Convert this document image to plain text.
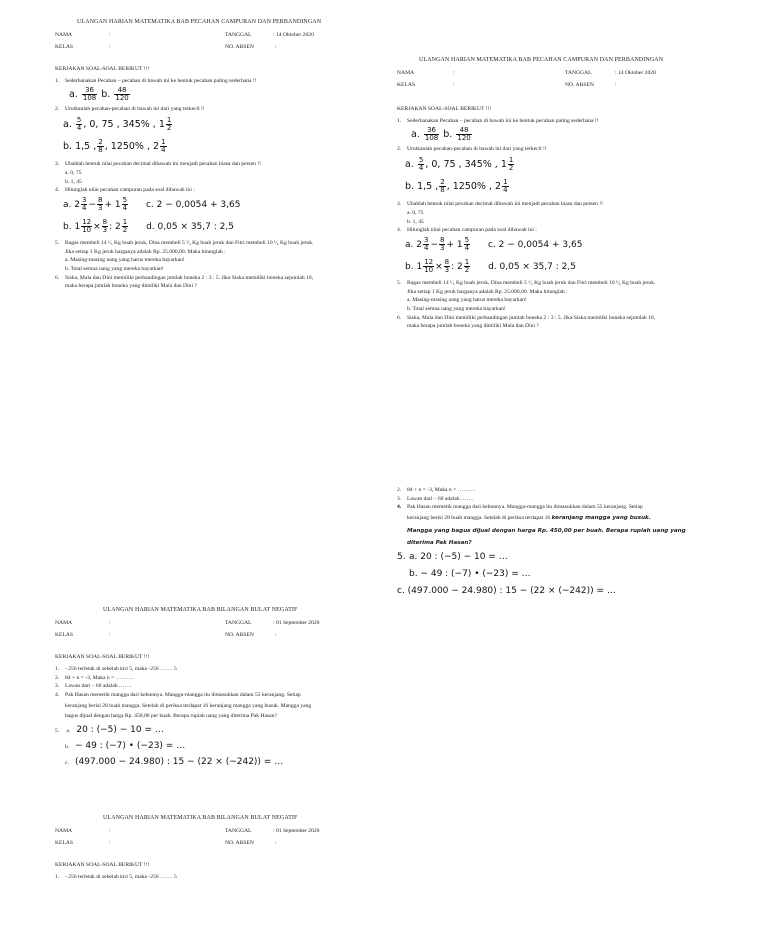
ULANGAN HARIAN MATEMATIKA BAB PECAHAN CAMPURAN DAN PERBANDINGAN
NAMA	:	TANGGAL	: 14 Oktober 2020
KELAS	:	NO. ABSEN	:
KERJAKAN SOAL-SOAL BERIKUT !!!
1. Sederhanakan Pecahan – pecahan di bawah ini ke bentuk pecahan paling sederhana !!
a. $\frac{36}{108} b$. $\frac{48}{120}$
2. Urutkanlah pecahan-pecahan di bawah ini dari yang terkecil !!
a. $\frac{5}{4}$ , 0, 75 , 345% , $1 \frac{1}{2}$
b. 1,5 , $\frac{2}{8}$ , 1250% , $2 \frac{1}{4}$
3. Ubahlah bentuk nilai pecahan decimal dibawah ini menjadi pecahan biasa dan persen !!
a. 0, 75
b. 1, 45
4. Hitunglah nilai pecahan campuran pada soal dibawah ini :
a. $2 \frac{3}{4} - \frac{8}{3} + 1 \frac{5}{4} c$. 2 − 0,0054 + 3,65
b. $1 \frac{12}{10} \times \frac{8}{3}$ : $2 \frac{1}{2} d$. 0,05 × 35,7 : 2,5
5. Bagas membeli 14 ¹⁄₃ Kg buah jeruk, Dina membeli 5 ¹⁄₂ Kg buah jeruk dan Fitri membeli 10 ¹⁄₄ Kg buah jeruk.
Jika setiap 1 Kg jeruk harganya adalah Rp. 25.000,00. Maka hitunglah :
a. Masing-masing uang yang harus mereka bayarkan!
b. Total semua uang yang mereka bayarkan!
6. Siska, Mala dan Dini memiliki perbandingan jumlah boneka 2 : 3 : 5. Jika Siska memiliki boneka sejumlah 16,
maka berapa jumlah boneka yang dimiliki Mala dan Dini ?
ULANGAN HARIAN MATEMATIKA BAB PECAHAN CAMPURAN DAN PERBANDINGAN
NAMA	:	TANGGAL	: 14 Oktober 2020
KELAS	:	NO. ABSEN	:
KERJAKAN SOAL-SOAL BERIKUT !!!
1. Sederhanakan Pecahan – pecahan di bawah ini ke bentuk pecahan paling sederhana !!
a. $\frac{36}{108} b$. $\frac{48}{120}$
2. Urutkanlah pecahan-pecahan di bawah ini dari yang terkecil !!
a. $\frac{5}{4}$ , 0, 75 , 345% , $1 \frac{1}{2}$
b. 1,5 , $\frac{2}{8}$ , 1250% , $2 \frac{1}{4}$
3. Ubahlah bentuk nilai pecahan decimal dibawah ini menjadi pecahan biasa dan persen !!
a. 0, 75
b. 1, 45
4. Hitunglah nilai pecahan campuran pada soal dibawah ini :
a. $2 \frac{3}{4} - \frac{8}{3} + 1 \frac{5}{4} c$. 2 − 0,0054 + 3,65
b. $1 \frac{12}{10} \times \frac{8}{3}$ : $2 \frac{1}{2} d$. 0,05 × 35,7 : 2,5
5. Bagas membeli 14 ¹⁄₃ Kg buah jeruk, Dina membeli 5 ¹⁄₂ Kg buah jeruk dan Fitri membeli 10 ¹⁄₄ Kg buah jeruk.
Jika setiap 1 Kg jeruk harganya adalah Rp. 25.000,00. Maka hitunglah :
a. Masing-masing uang yang harus mereka bayarkan!
b. Total semua uang yang mereka bayarkan!
6. Siska, Mala dan Dini memiliki perbandingan jumlah boneka 2 : 3 : 5. Jika Siska memiliki boneka sejumlah 16,
maka berapa jumlah boneka yang dimiliki Mala dan Dini ?
2. 84 + n = -3, Maka n = ……….
3. Lawan dari – 60 adalah …….
4. Pak Hasan memetik mangga dari kebunnya. Mangga-mangga itu dimasukkan dalam 55 keranjang. Setiap
keranjang berisi 28 buah mangga. Setelah di periksa terdapat 16 keranjang mangga yang busuk.
Mangga yang bagus dijual dengan harga Rp. 450,00 per buah. Berapa rupiah uang yang
diterima Pak Hasan?
5. a. 20 : (−5) − 10 = …
b. − 49 : (−7) • (−23) = …
c. (497.000 − 24.980) : 15 − (22 × (−242)) = …
ULANGAN HARIAN MATEMATIKA BAB BILANGAN BULAT NEGATIF
NAMA	:	TANGGAL	: 01 September 2020
KELAS	:	NO. ABSEN	:
KERJAKAN SOAL-SOAL BERIKUT !!!
1. - 256 terletak di sebelah kiri 5, maka -256 ……. 5
2. 84 + n = -3, Maka n = ……….
3. Lawan dari – 60 adalah …….
4. Pak Hasan memetik mangga dari kebunnya. Mangga-mangga itu dimasukkan dalam 55 keranjang. Setiap
keranjang berisi 28 buah mangga. Setelah di periksa terdapat 16 keranjang mangga yang busuk. Mangga yang
bagus dijual dengan harga Rp. 450,00 per buah. Berapa rupiah uang yang diterima Pak Hasan?
5. a. 20 : (−5) − 10 = …
b. − 49 : (−7) • (−23) = …
c. (497.000 − 24.980) : 15 − (22 × (−242)) = …
ULANGAN HARIAN MATEMATIKA BAB BILANGAN BULAT NEGATIF
NAMA	:	TANGGAL	: 01 September 2020
KELAS	:	NO. ABSEN	:
KERJAKAN SOAL-SOAL BERIKUT !!!
1. - 256 terletak di sebelah kiri 5, maka -256 ……. 5
